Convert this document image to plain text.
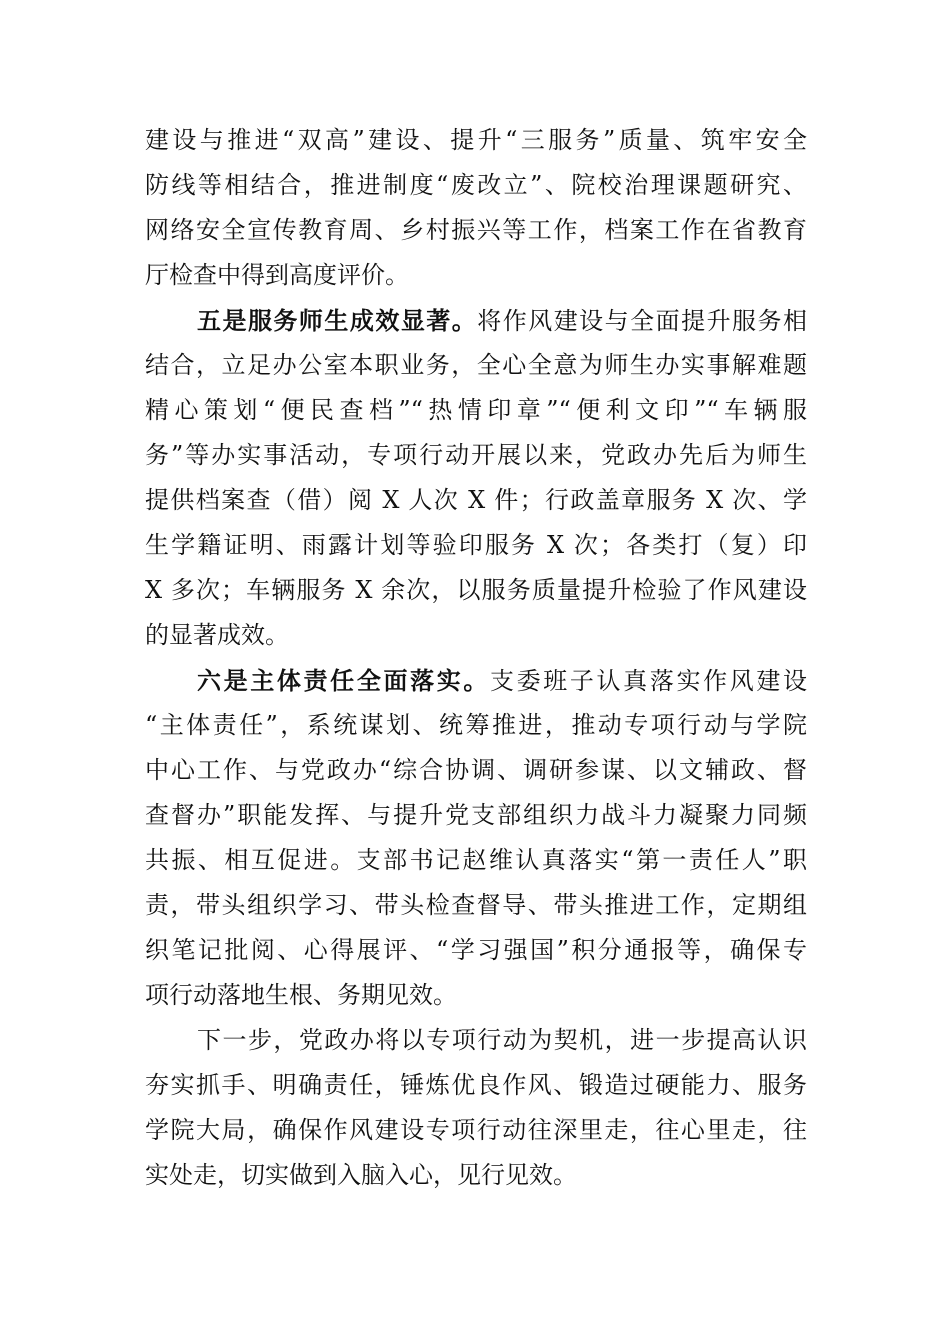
建设与推进“双高”建设、提升“三服务”质量、筑牢安全
防线等相结合，推进制度“废改立”、院校治理课题研究、
网络安全宣传教育周、乡村振兴等工作，档案工作在省教育
厅检查中得到高度评价。
五是服务师生成效显著。将作风建设与全面提升服务相
结合，立足办公室本职业务，全心全意为师生办实事解难题
精心策划“便民查档”“热情印章”“便利文印”“车辆服
务”等办实事活动，专项行动开展以来，党政办先后为师生
提供档案查（借）阅 X 人次 X 件；行政盖章服务 X 次、学
生学籍证明、雨露计划等验印服务 X 次；各类打（复）印
X 多次；车辆服务 X 余次，以服务质量提升检验了作风建设
的显著成效。
六是主体责任全面落实。支委班子认真落实作风建设
“主体责任”，系统谋划、统筹推进，推动专项行动与学院
中心工作、与党政办“综合协调、调研参谋、以文辅政、督
查督办”职能发挥、与提升党支部组织力战斗力凝聚力同频
共振、相互促进。支部书记赵维认真落实“第一责任人”职
责，带头组织学习、带头检查督导、带头推进工作，定期组
织笔记批阅、心得展评、“学习强国”积分通报等，确保专
项行动落地生根、务期见效。
下一步，党政办将以专项行动为契机，进一步提高认识
夯实抓手、明确责任，锤炼优良作风、锻造过硬能力、服务
学院大局，确保作风建设专项行动往深里走，往心里走，往
实处走，切实做到入脑入心，见行见效。
